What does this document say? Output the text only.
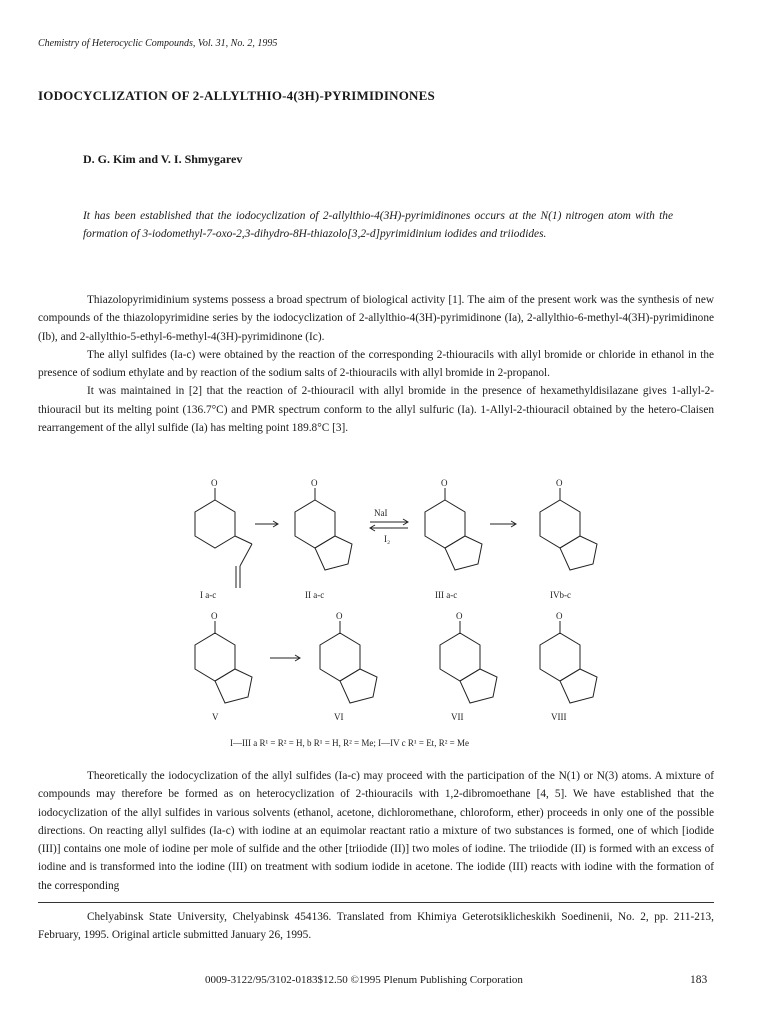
Chemistry of Heterocyclic Compounds, Vol. 31, No. 2, 1995
IODOCYCLIZATION OF 2-ALLYLTHIO-4(3H)-PYRIMIDINONES
D. G. Kim and V. I. Shmygarev
It has been established that the iodocyclization of 2-allylthio-4(3H)-pyrimidinones occurs at the N(1) nitrogen atom with the formation of 3-iodomethyl-7-oxo-2,3-dihydro-8H-thiazolo[3,2-d]pyrimidinium iodides and triiodides.

Thiazolopyrimidinium systems possess a broad spectrum of biological activity [1]. The aim of the present work was the synthesis of new compounds of the thiazolopyrimidine series by the iodocyclization of 2-allylthio-4(3H)-pyrimidinone (Ia), 2-allylthio-6-methyl-4(3H)-pyrimidinone (Ib), and 2-allylthio-5-ethyl-6-methyl-4(3H)-pyrimidinone (Ic).

The allyl sulfides (Ia-c) were obtained by the reaction of the corresponding 2-thiouracils with allyl bromide or chloride in ethanol in the presence of sodium ethylate and by reaction of the sodium salts of 2-thiouracils with allyl bromide in 2-propanol.

It was maintained in [2] that the reaction of 2-thiouracil with allyl bromide in the presence of hexamethyldisilazane gives 1-allyl-2-thiouracil but its melting point (136.7°C) and PMR spectrum conform to the allyl sulfuric (Ia). 1-Allyl-2-thiouracil obtained by the hetero-Claisen rearrangement of the allyl sulfide (Ia) has melting point 189.8°C [3].

O	O	O	O
O	O	O	O
NaI
I₂
I a-c	II a-c	III a-c	IVb-c
V	VI	VII	VIII
I—III a R¹ = R² = H, b R¹ = H, R² = Me; I—IV c R¹ = Et, R² = Me

Theoretically the iodocyclization of the allyl sulfides (Ia-c) may proceed with the participation of the N(1) or N(3) atoms. A mixture of compounds may therefore be formed as on heterocyclization of 2-thiouracils with 1,2-dibromoethane [4, 5]. We have established that the iodocyclization of the allyl sulfides in various solvents (ethanol, acetone, dichloromethane, chloroform, ether) proceeds in only one of the possible directions. On reacting allyl sulfides (Ia-c) with iodine at an equimolar reactant ratio a mixture of two substances is formed, one of which [iodide (III)] contains one mole of iodine per mole of sulfide and the other [triiodide (II)] two moles of iodine. The triiodide (II) is formed with an excess of iodine and is transformed into the iodine (III) on treatment with sodium iodide in acetone. The iodide (III) reacts with iodine with the formation of the corresponding

Chelyabinsk State University, Chelyabinsk 454136. Translated from Khimiya Geterotsiklicheskikh Soedinenii, No. 2, pp. 211-213, February, 1995. Original article submitted January 26, 1995.
0009-3122/95/3102-0183$12.50 ©1995 Plenum Publishing Corporation	183
